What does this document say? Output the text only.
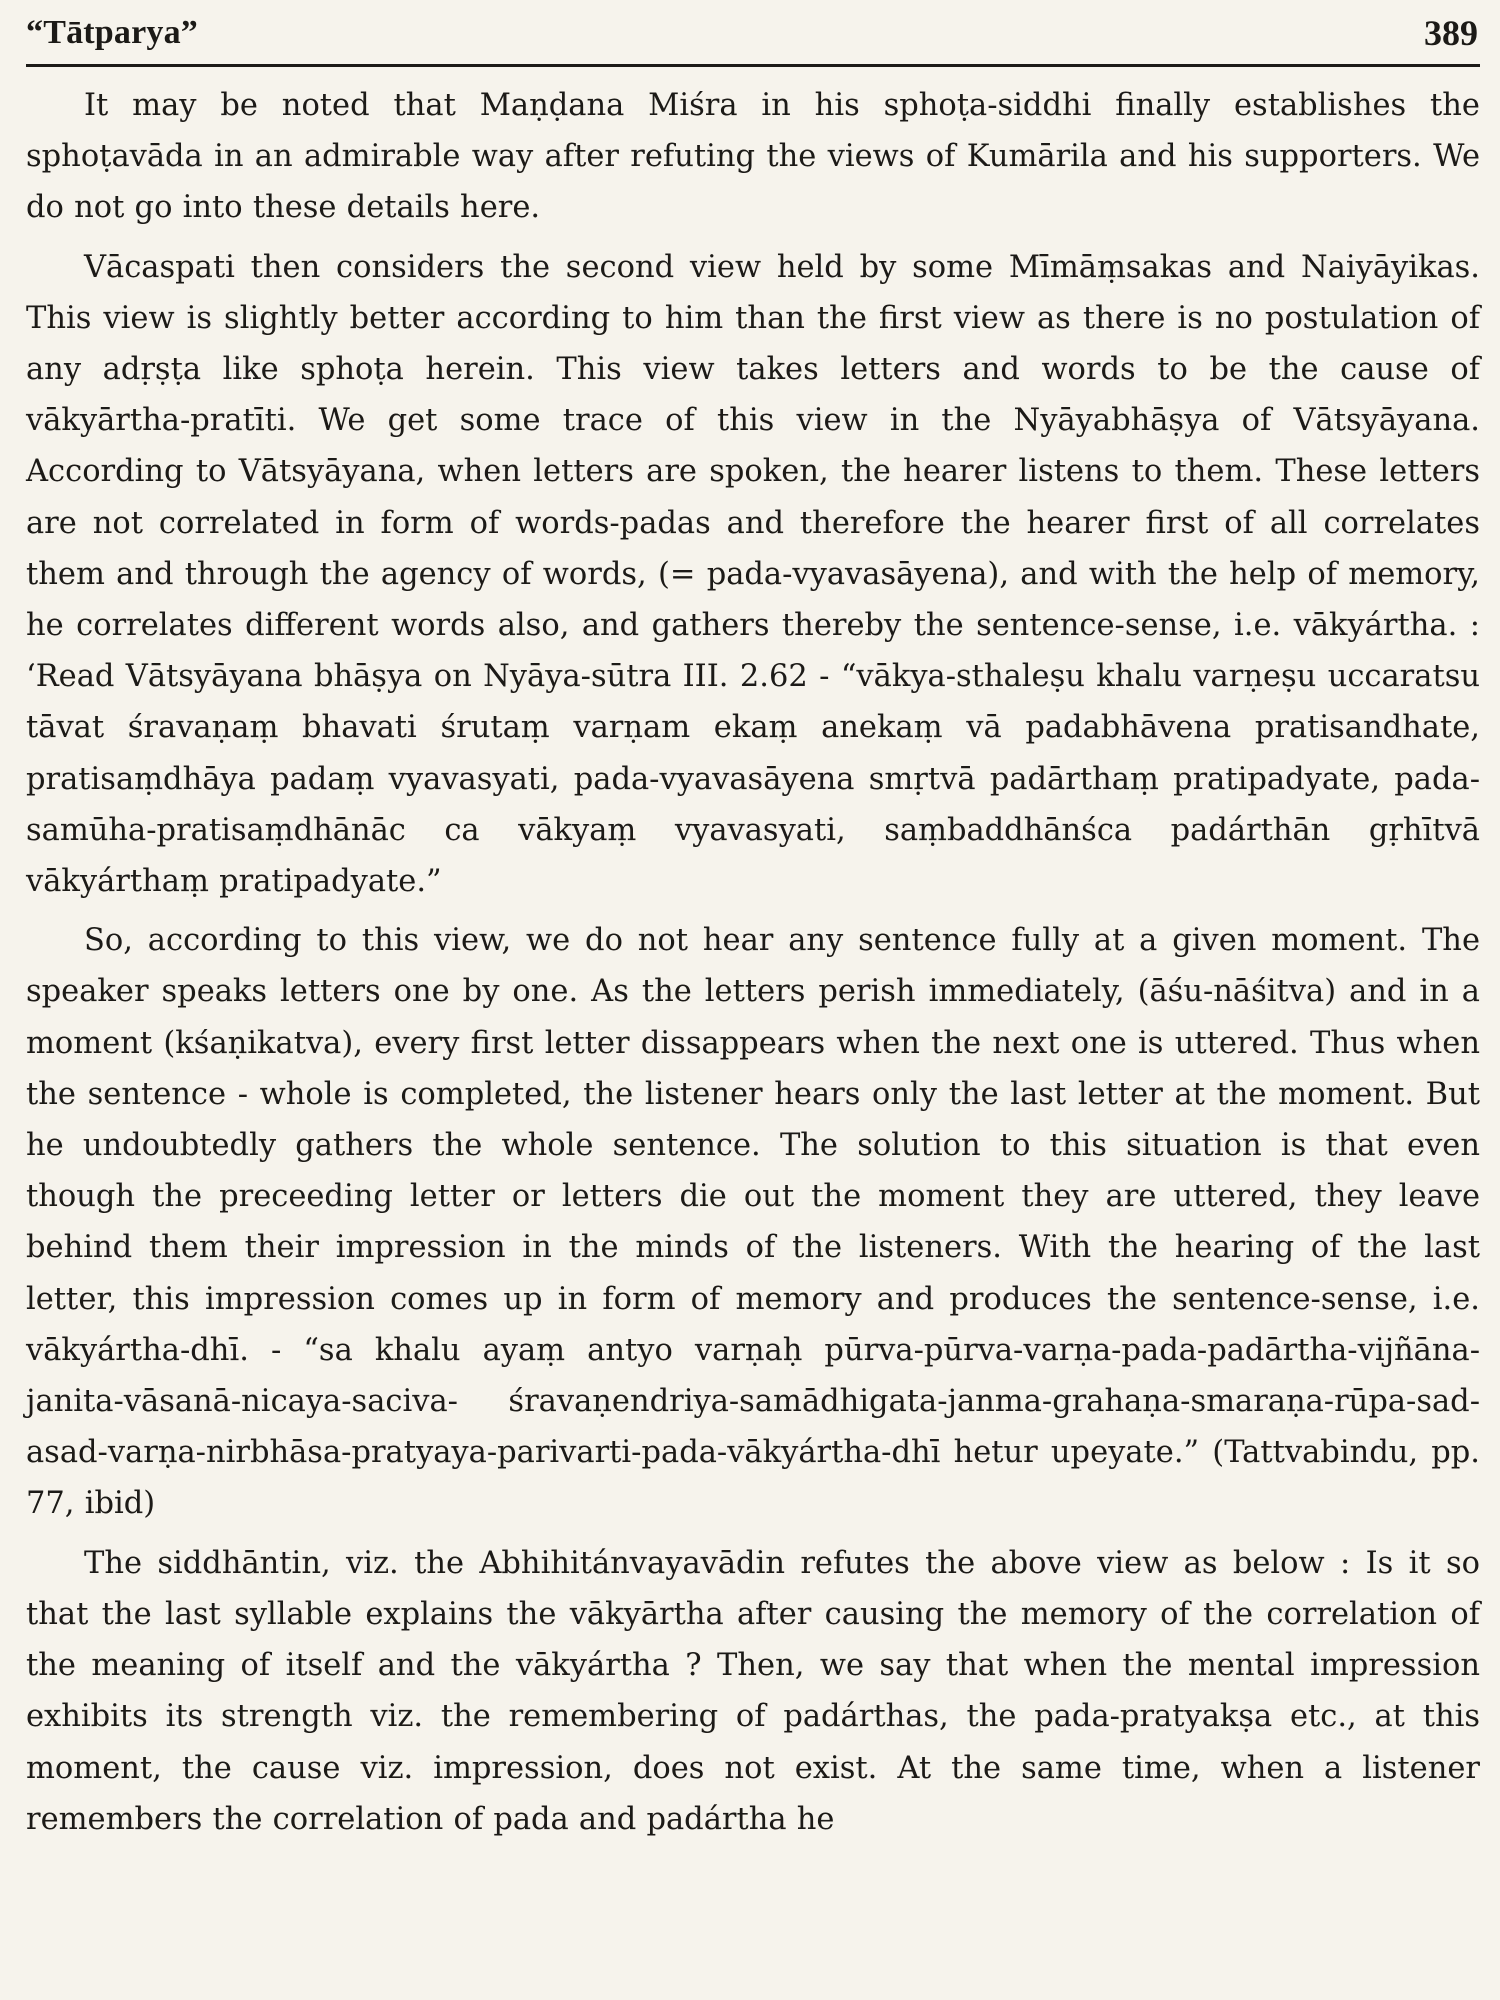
“Tātparya”	389

It may be noted that Maṇḍana Miśra in his sphoṭa-siddhi finally establishes the sphoṭavāda in an admirable way after refuting the views of Kumārila and his supporters. We do not go into these details here.

Vācaspati then considers the second view held by some Mīmāṃsakas and Naiyāyikas. This view is slightly better according to him than the first view as there is no postulation of any adṛṣṭa like sphoṭa herein. This view takes letters and words to be the cause of vākyārtha-pratīti. We get some trace of this view in the Nyāyabhāṣya of Vātsyāyana. According to Vātsyāyana, when letters are spoken, the hearer listens to them. These letters are not correlated in form of words-padas and therefore the hearer first of all correlates them and through the agency of words, (= pada-vyavasāyena), and with the help of memory, he correlates different words also, and gathers thereby the sentence-sense, i.e. vākyártha. : ‘Read Vātsyāyana bhāṣya on Nyāya-sūtra III. 2.62 - “vākya-sthaleṣu khalu varṇeṣu uccaratsu tāvat śravaṇaṃ bhavati śrutaṃ varṇam ekaṃ anekaṃ vā padabhāvena pratisandhate, pratisaṃdhāya padaṃ vyavasyati, pada-vyavasāyena smṛtvā padārthaṃ pratipadyate, pada-samūha-pratisaṃdhānāc ca vākyaṃ vyavasyati, saṃbaddhānśca padárthān gṛhītvā vākyárthaṃ pratipadyate.”

So, according to this view, we do not hear any sentence fully at a given moment. The speaker speaks letters one by one. As the letters perish immediately, (āśu-nāśitva) and in a moment (kśaṇikatva), every first letter dissappears when the next one is uttered. Thus when the sentence - whole is completed, the listener hears only the last letter at the moment. But he undoubtedly gathers the whole sentence. The solution to this situation is that even though the preceeding letter or letters die out the moment they are uttered, they leave behind them their impression in the minds of the listeners. With the hearing of the last letter, this impression comes up in form of memory and produces the sentence-sense, i.e. vākyártha-dhī. - “sa khalu ayaṃ antyo varṇaḥ pūrva-pūrva-varṇa-pada-padārtha-vijñāna-janita-vāsanā-nicaya-saciva- śravaṇendriya-samādhigata-janma-grahaṇa-smaraṇa-rūpa-sad-asad-varṇa-nirbhāsa-pratyaya-parivarti-pada-vākyártha-dhī hetur upeyate.” (Tattvabindu, pp. 77, ibid)

The siddhāntin, viz. the Abhihitánvayavādin refutes the above view as below : Is it so that the last syllable explains the vākyārtha after causing the memory of the correlation of the meaning of itself and the vākyártha ? Then, we say that when the mental impression exhibits its strength viz. the remembering of padárthas, the pada-pratyakṣa etc., at this moment, the cause viz. impression, does not exist. At the same time, when a listener remembers the correlation of pada and padártha he
